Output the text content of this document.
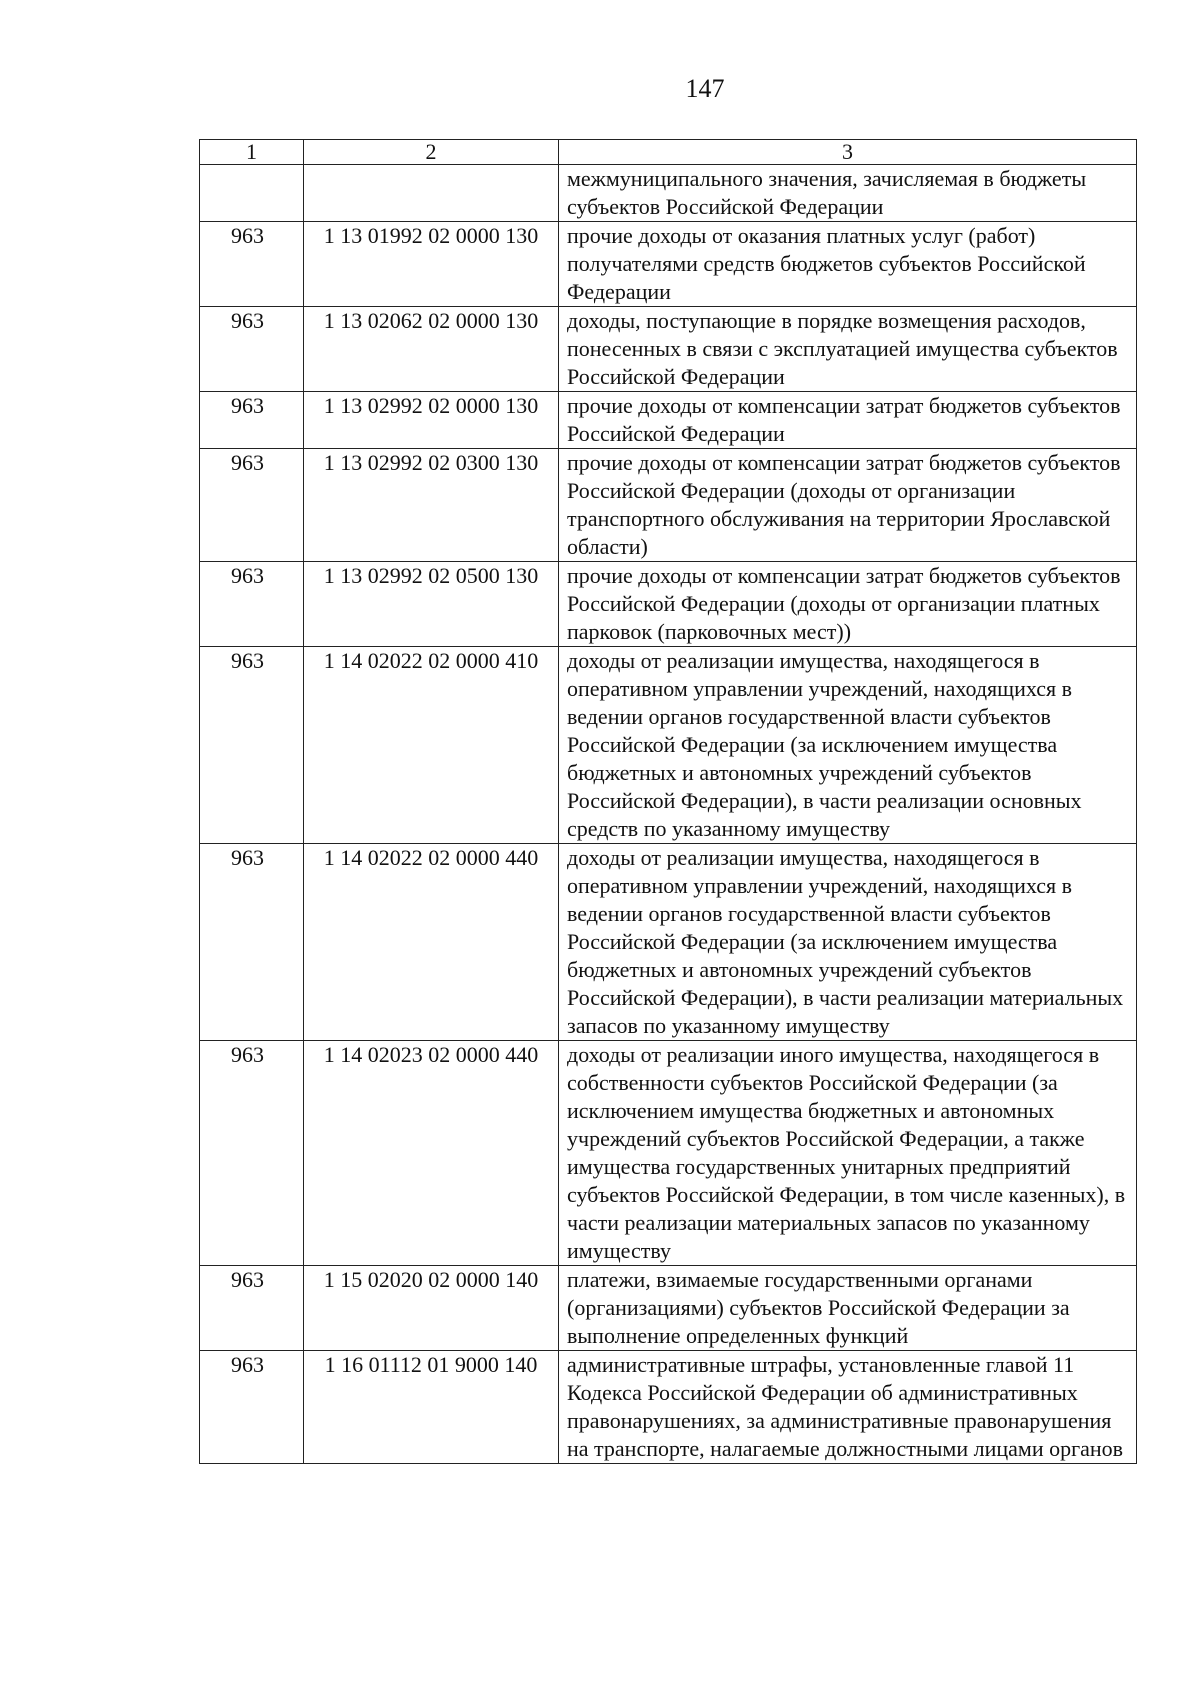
147
1	2	3
		межмуниципального значения, зачисляемая в бюджеты субъектов Российской Федерации
963	1 13 01992 02 0000 130	прочие доходы от оказания платных услуг (работ) получателями средств бюджетов субъектов Российской Федерации
963	1 13 02062 02 0000 130	доходы, поступающие в порядке возмещения расходов, понесенных в связи с эксплуатацией имущества субъектов Российской Федерации
963	1 13 02992 02 0000 130	прочие доходы от компенсации затрат бюджетов субъектов Российской Федерации
963	1 13 02992 02 0300 130	прочие доходы от компенсации затрат бюджетов субъектов Российской Федерации (доходы от организации транспортного обслуживания на территории Ярославской области)
963	1 13 02992 02 0500 130	прочие доходы от компенсации затрат бюджетов субъектов Российской Федерации (доходы от организации платных парковок (парковочных мест))
963	1 14 02022 02 0000 410	доходы от реализации имущества, находящегося в оперативном управлении учреждений, находящихся в ведении органов государственной власти субъектов Российской Федерации (за исключением имущества бюджетных и автономных учреждений субъектов Российской Федерации), в части реализации основных средств по указанному имуществу
963	1 14 02022 02 0000 440	доходы от реализации имущества, находящегося в оперативном управлении учреждений, находящихся в ведении органов государственной власти субъектов Российской Федерации (за исключением имущества бюджетных и автономных учреждений субъектов Российской Федерации), в части реализации материальных запасов по указанному имуществу
963	1 14 02023 02 0000 440	доходы от реализации иного имущества, находящегося в собственности субъектов Российской Федерации (за исключением имущества бюджетных и автономных учреждений субъектов Российской Федерации, а также имущества государственных унитарных предприятий субъектов Российской Федерации, в том числе казенных), в части реализации материальных запасов по указанному имуществу
963	1 15 02020 02 0000 140	платежи, взимаемые государственными органами (организациями) субъектов Российской Федерации за выполнение определенных функций
963	1 16 01112 01 9000 140	административные штрафы, установленные главой 11 Кодекса Российской Федерации об административных правонарушениях, за административные правонарушения на транспорте, налагаемые должностными лицами органов
